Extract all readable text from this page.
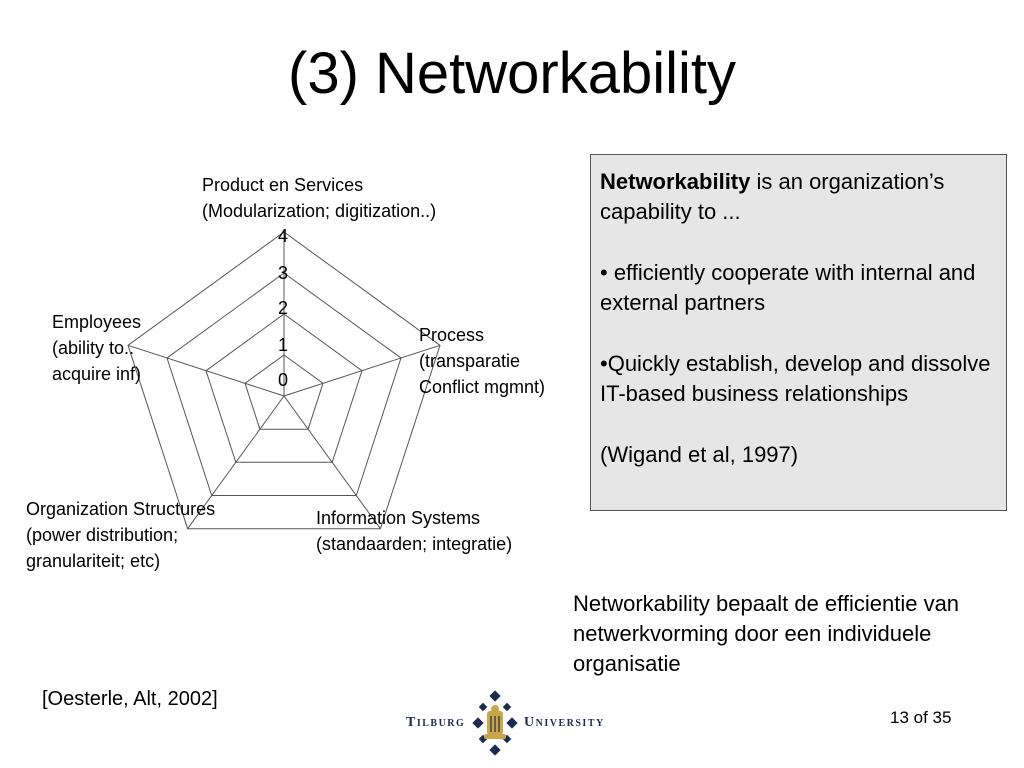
(3) Networkability
Product en Services
(Modularization; digitization..)
Process
(transparatie
Conflict mgmnt)
Information Systems
(standaarden; integratie)
Organization Structures
(power distribution;
granulariteit; etc)
Employees
(ability to..
acquire inf)	0
1
2
3
4

Networkability is an organization’s capability to ...

• efficiently cooperate with internal and external partners

•Quickly establish, develop and dissolve IT-based business relationships

(Wigand et al, 1997)

Networkability bepaalt de efficientie van netwerkvorming door een individuele organisatie
[Oesterle, Alt, 2002]
Tilburg	University	13 of 35
